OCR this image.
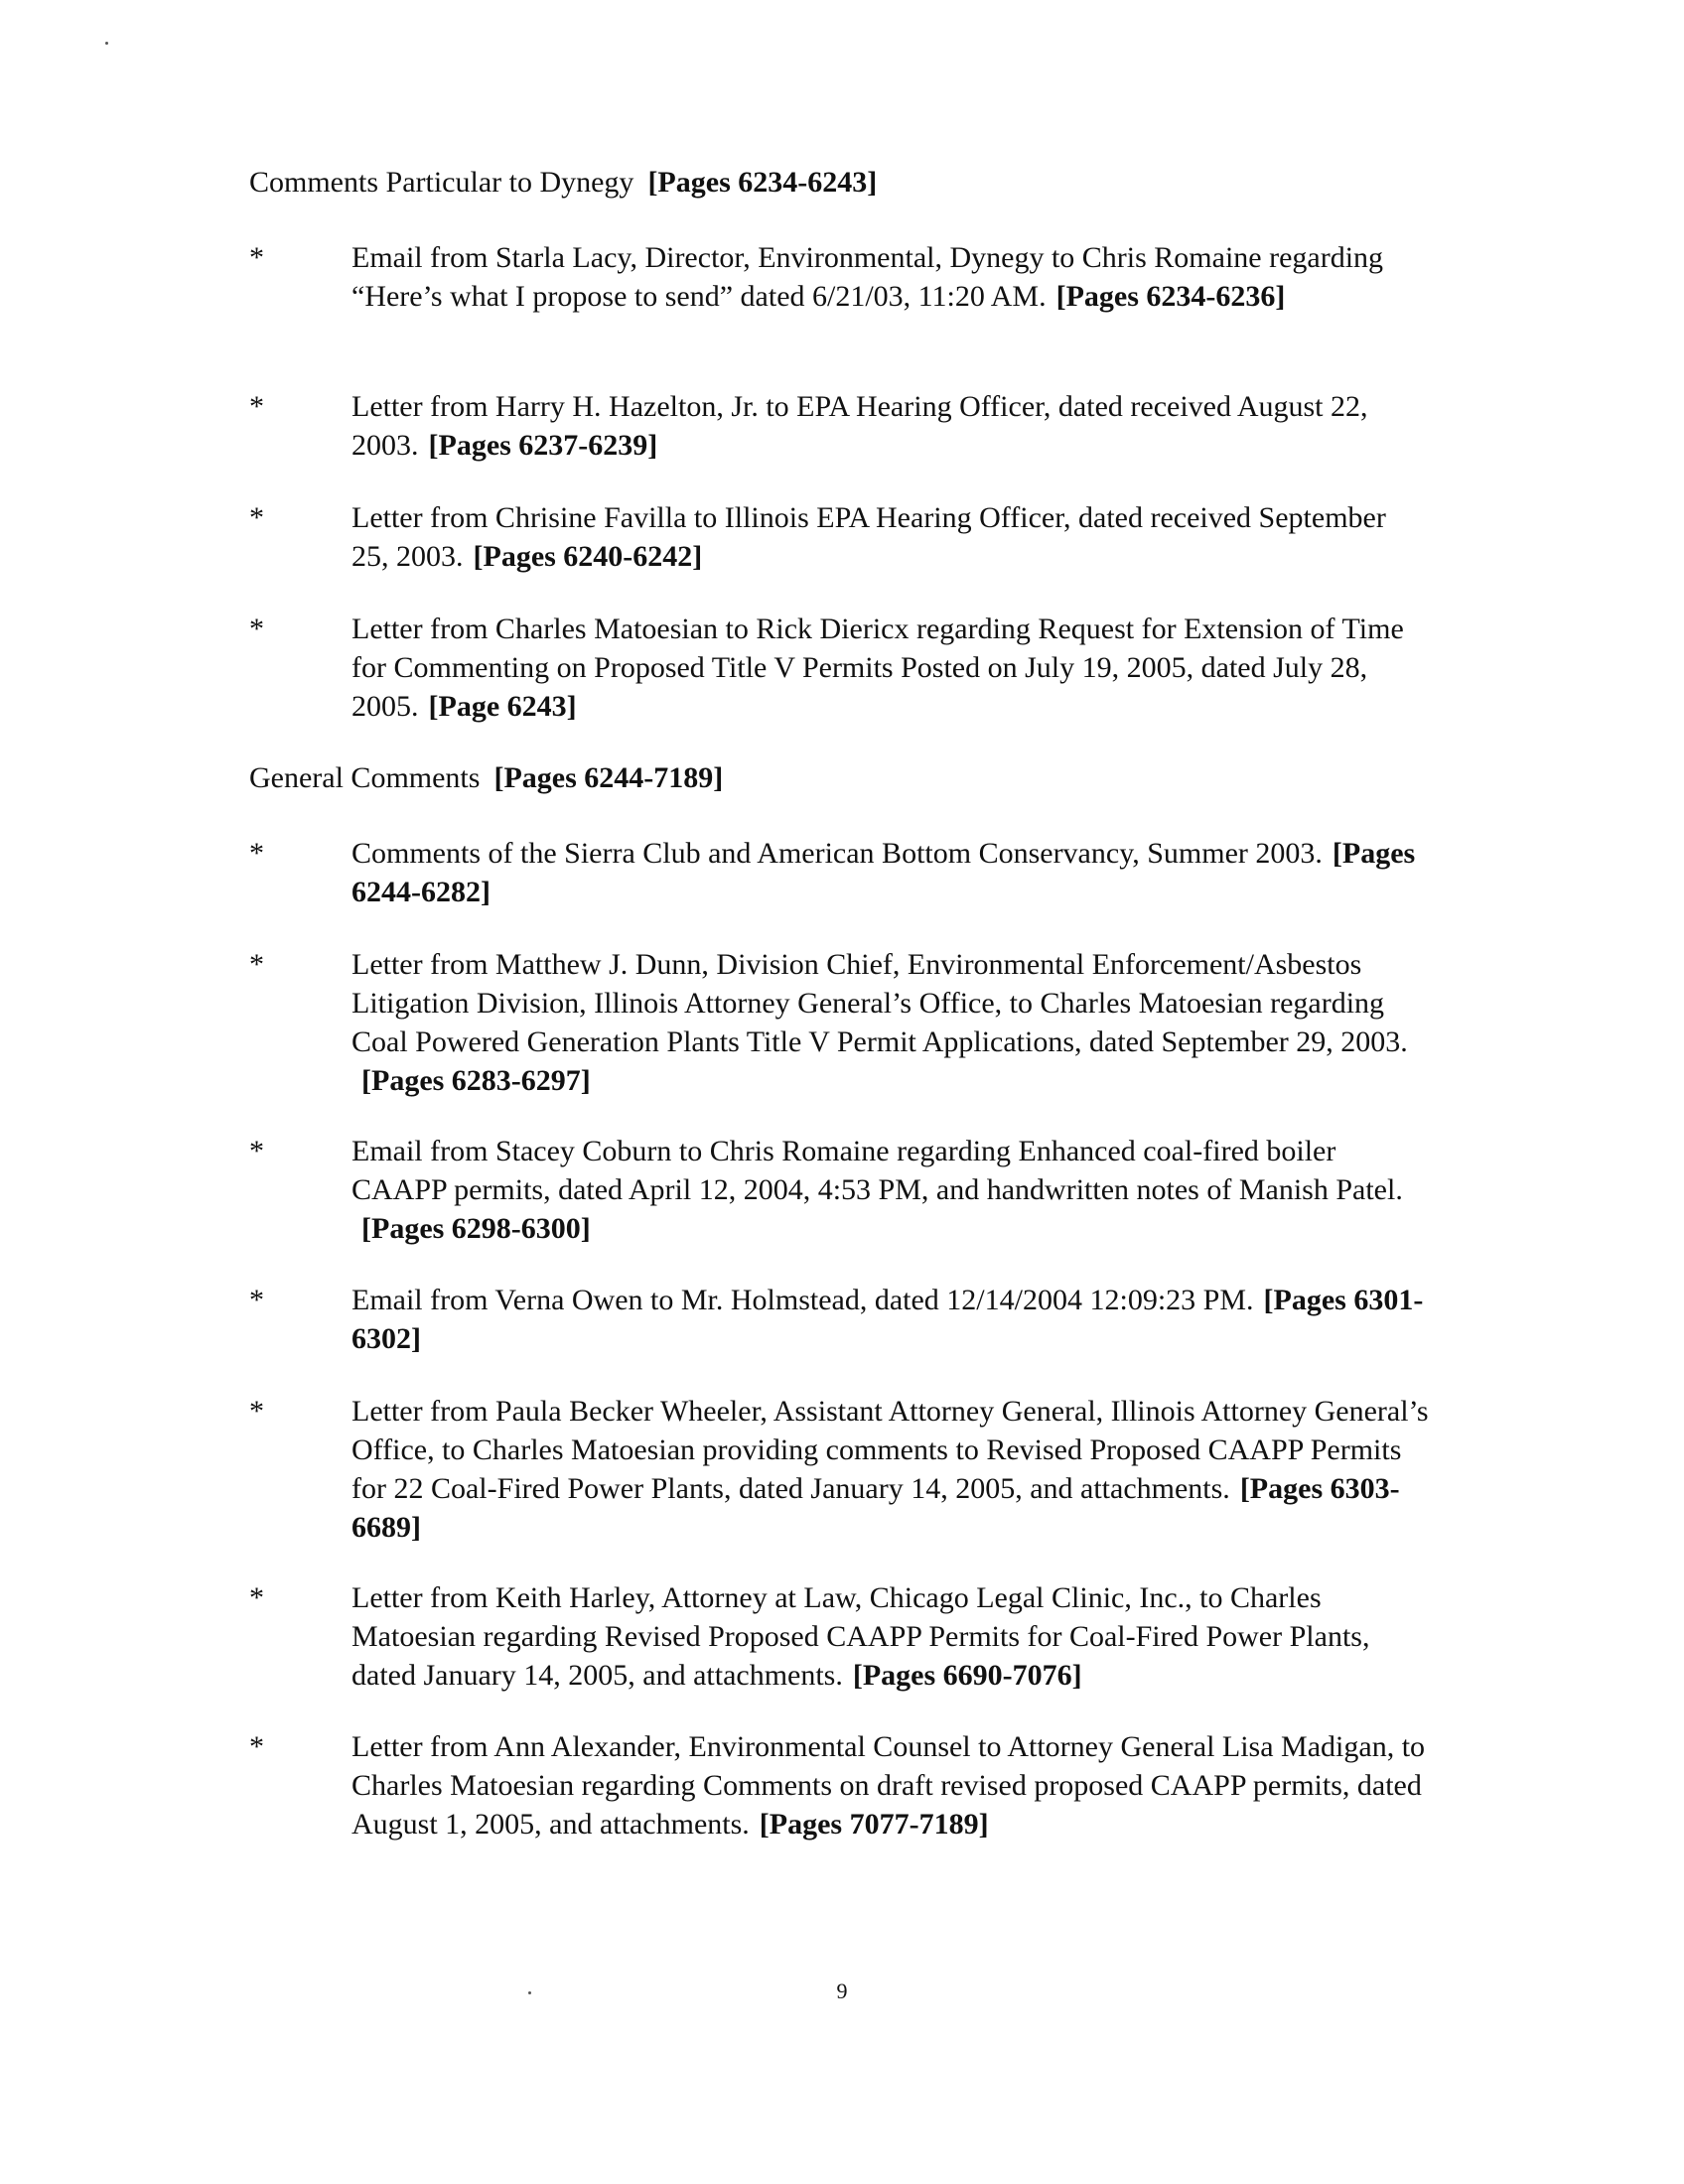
Comments Particular to Dynegy [Pages 6234-6243]
*	Email from Starla Lacy, Director, Environmental, Dynegy to Chris Romaine regarding “Here’s what I propose to send” dated 6/21/03, 11:20 AM. [Pages 6234-6236]
*	Letter from Harry H. Hazelton, Jr. to EPA Hearing Officer, dated received August 22, 2003. [Pages 6237-6239]
*	Letter from Chrisine Favilla to Illinois EPA Hearing Officer, dated received September 25, 2003. [Pages 6240-6242]
*	Letter from Charles Matoesian to Rick Diericx regarding Request for Extension of Time for Commenting on Proposed Title V Permits Posted on July 19, 2005, dated July 28, 2005. [Page 6243]
General Comments [Pages 6244-7189]
*	Comments of the Sierra Club and American Bottom Conservancy, Summer 2003. [Pages 6244-6282]
*	Letter from Matthew J. Dunn, Division Chief, Environmental Enforcement/Asbestos Litigation Division, Illinois Attorney General’s Office, to Charles Matoesian regarding Coal Powered Generation Plants Title V Permit Applications, dated September 29, 2003.[Pages 6283-6297]
*	Email from Stacey Coburn to Chris Romaine regarding Enhanced coal-fired boiler CAAPP permits, dated April 12, 2004, 4:53 PM, and handwritten notes of Manish Patel.[Pages 6298-6300]
*	Email from Verna Owen to Mr. Holmstead, dated 12/14/2004 12:09:23 PM. [Pages 6301-6302]
*	Letter from Paula Becker Wheeler, Assistant Attorney General, Illinois Attorney General’s Office, to Charles Matoesian providing comments to Revised Proposed CAAPP Permits for 22 Coal-Fired Power Plants, dated January 14, 2005, and attachments. [Pages 6303-6689]
*	Letter from Keith Harley, Attorney at Law, Chicago Legal Clinic, Inc., to Charles Matoesian regarding Revised Proposed CAAPP Permits for Coal-Fired Power Plants, dated January 14, 2005, and attachments. [Pages 6690-7076]
*	Letter from Ann Alexander, Environmental Counsel to Attorney General Lisa Madigan, to Charles Matoesian regarding Comments on draft revised proposed CAAPP permits, dated August 1, 2005, and attachments. [Pages 7077-7189]
9
